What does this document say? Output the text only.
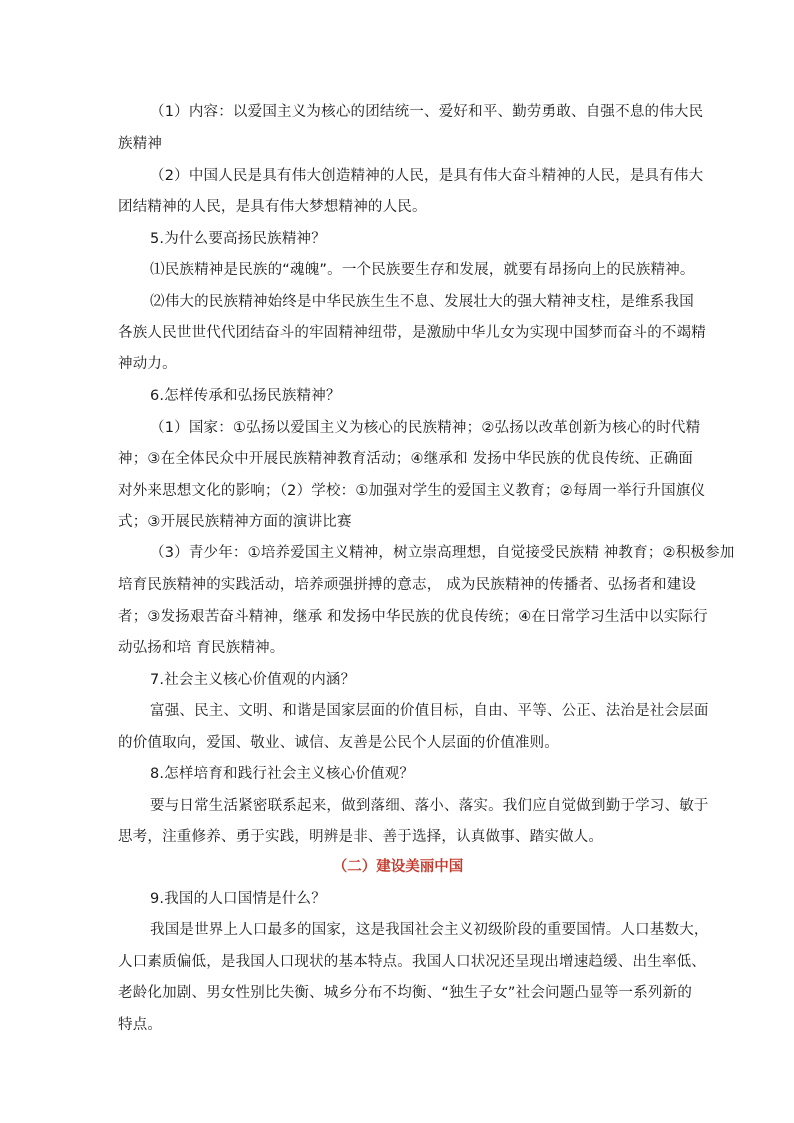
（1）内容：以爱国主义为核心的团结统一、爱好和平、勤劳勇敢、自强不息的伟大民
族精神
（2）中国人民是具有伟大创造精神的人民，是具有伟大奋斗精神的人民，是具有伟大
团结精神的人民，是具有伟大梦想精神的人民。
5.为什么要高扬民族精神？
⑴民族精神是民族的“魂魄”。一个民族要生存和发展，就要有昂扬向上的民族精神。
⑵伟大的民族精神始终是中华民族生生不息、发展壮大的强大精神支柱，是维系我国
各族人民世世代代团结奋斗的牢固精神纽带，是激励中华儿女为实现中国梦而奋斗的不竭精
神动力。
6.怎样传承和弘扬民族精神？
（1）国家：①弘扬以爱国主义为核心的民族精神；②弘扬以改革创新为核心的时代精
神；③在全体民众中开展民族精神教育活动；④继承和 发扬中华民族的优良传统、正确面
对外来思想文化的影响；（2）学校：①加强对学生的爱国主义教育；②每周一举行升国旗仪
式；③开展民族精神方面的演讲比赛
（3）青少年：①培养爱国主义精神，树立崇高理想，自觉接受民族精 神教育；②积极参加
培育民族精神的实践活动，培养顽强拼搏的意志， 成为民族精神的传播者、弘扬者和建设
者；③发扬艰苦奋斗精神，继承 和发扬中华民族的优良传统；④在日常学习生活中以实际行
动弘扬和培 育民族精神。
7.社会主义核心价值观的内涵？
富强、民主、文明、和谐是国家层面的价值目标，自由、平等、公正、法治是社会层面
的价值取向，爱国、敬业、诚信、友善是公民个人层面的价值准则。
8.怎样培育和践行社会主义核心价值观？
要与日常生活紧密联系起来，做到落细、落小、落实。我们应自觉做到勤于学习、敏于
思考，注重修养、勇于实践，明辨是非、善于选择，认真做事、踏实做人。
（二）建设美丽中国
9.我国的人口国情是什么？
我国是世界上人口最多的国家，这是我国社会主义初级阶段的重要国情。人口基数大，
人口素质偏低，是我国人口现状的基本特点。我国人口状况还呈现出增速趋缓、出生率低、
老龄化加剧、男女性别比失衡、城乡分布不均衡、“独生子女”社会问题凸显等一系列新的
特点。
